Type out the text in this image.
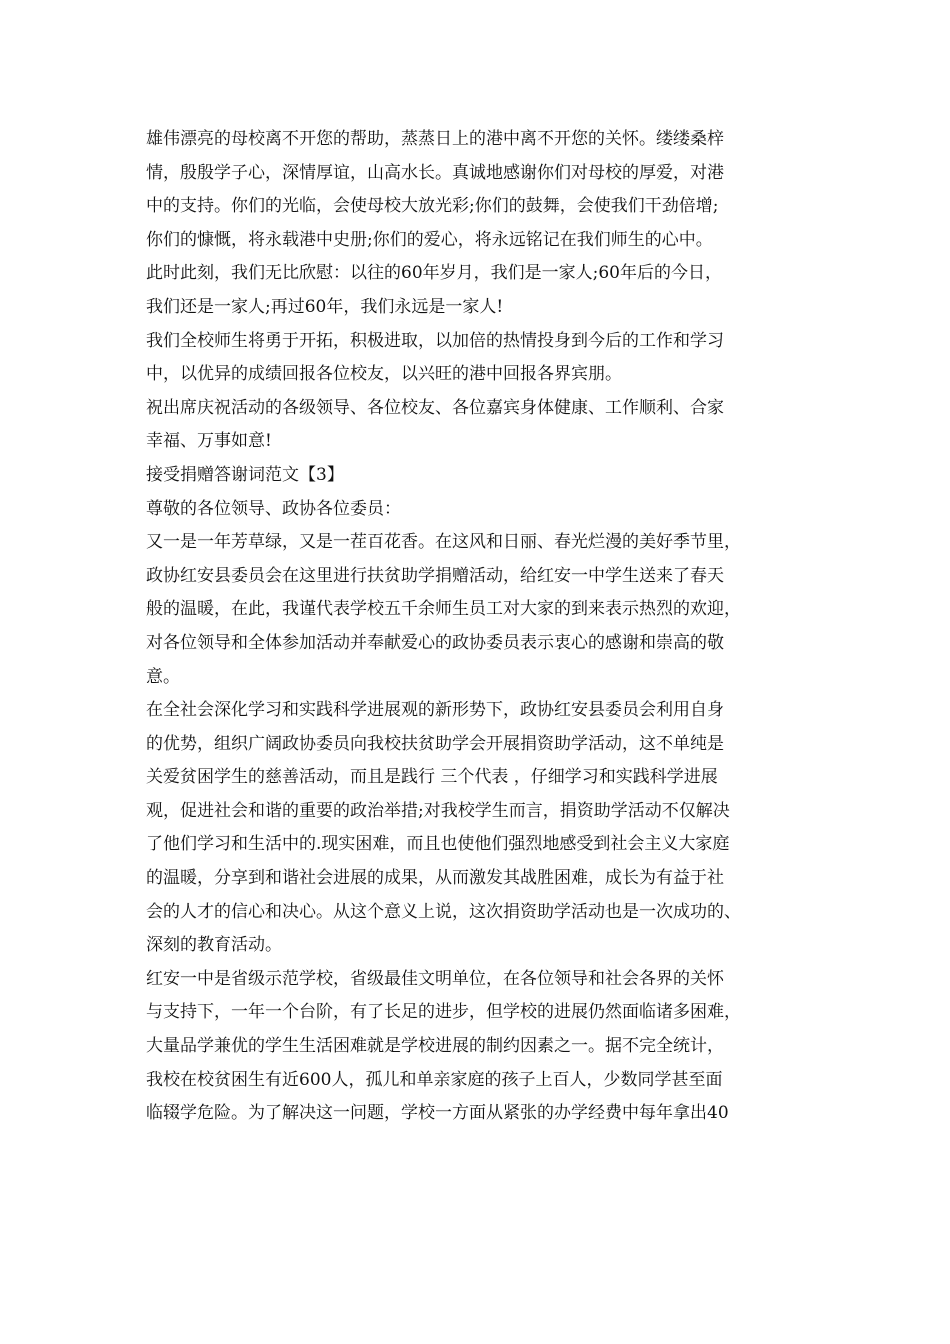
雄伟漂亮的母校离不开您的帮助，蒸蒸日上的港中离不开您的关怀。缕缕桑梓
情，殷殷学子心，深情厚谊，山高水长。真诚地感谢你们对母校的厚爱，对港
中的支持。你们的光临，会使母校大放光彩;你们的鼓舞，会使我们干劲倍增;
你们的慷慨，将永载港中史册;你们的爱心，将永远铭记在我们师生的心中。
此时此刻，我们无比欣慰：以往的60年岁月，我们是一家人;60年后的今日，
我们还是一家人;再过60年，我们永远是一家人!
我们全校师生将勇于开拓，积极进取，以加倍的热情投身到今后的工作和学习
中，以优异的成绩回报各位校友，以兴旺的港中回报各界宾朋。
祝出席庆祝活动的各级领导、各位校友、各位嘉宾身体健康、工作顺利、合家
幸福、万事如意!
接受捐赠答谢词范文【3】
尊敬的各位领导、政协各位委员：
又一是一年芳草绿，又是一茬百花香。在这风和日丽、春光烂漫的美好季节里，
政协红安县委员会在这里进行扶贫助学捐赠活动，给红安一中学生送来了春天
般的温暖，在此，我谨代表学校五千余师生员工对大家的到来表示热烈的欢迎，
对各位领导和全体参加活动并奉献爱心的政协委员表示衷心的感谢和崇高的敬
意。
在全社会深化学习和实践科学进展观的新形势下，政协红安县委员会利用自身
的优势，组织广阔政协委员向我校扶贫助学会开展捐资助学活动，这不单纯是
关爱贫困学生的慈善活动，而且是践行 三个代表 ，仔细学习和实践科学进展
观，促进社会和谐的重要的政治举措;对我校学生而言，捐资助学活动不仅解决
了他们学习和生活中的.现实困难，而且也使他们强烈地感受到社会主义大家庭
的温暖，分享到和谐社会进展的成果，从而激发其战胜困难，成长为有益于社
会的人才的信心和决心。从这个意义上说，这次捐资助学活动也是一次成功的、
深刻的教育活动。
红安一中是省级示范学校，省级最佳文明单位，在各位领导和社会各界的关怀
与支持下，一年一个台阶，有了长足的进步，但学校的进展仍然面临诸多困难，
大量品学兼优的学生生活困难就是学校进展的制约因素之一。据不完全统计，
我校在校贫困生有近600人，孤儿和单亲家庭的孩子上百人，少数同学甚至面
临辍学危险。为了解决这一问题，学校一方面从紧张的办学经费中每年拿出40
